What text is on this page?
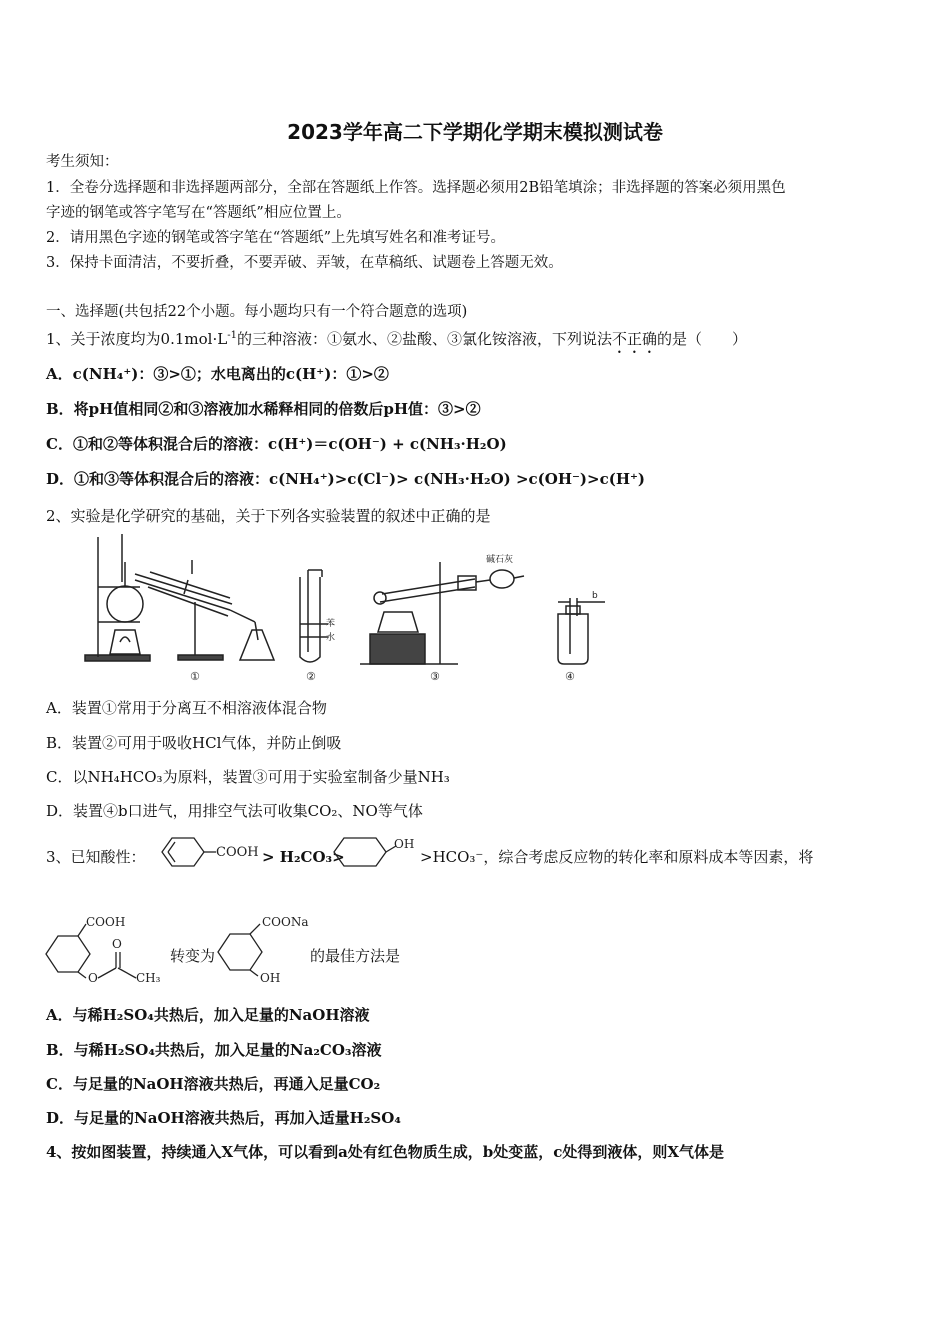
2023学年高二下学期化学期末模拟测试卷
考生须知：
1．全卷分选择题和非选择题两部分，全部在答题纸上作答。选择题必须用2B铅笔填涂；非选择题的答案必须用黑色
字迹的钢笔或答字笔写在“答题纸”相应位置上。
2．请用黑色字迹的钢笔或答字笔在“答题纸”上先填写姓名和准考证号。
3．保持卡面清洁，不要折叠，不要弄破、弄皱，在草稿纸、试题卷上答题无效。
一、选择题(共包括22个小题。每小题均只有一个符合题意的选项)
1、关于浓度均为$0.1mol\cdot L^{-1}$的三种溶液：①氨水、②盐酸、③氯化铵溶液，下列说法不正确的是（　　）
A．c(NH₄⁺)：③>①；水电离出的c(H⁺)：①>②
B．将pH值相同②和③溶液加水稀释相同的倍数后pH值：③>②
C．①和②等体积混合后的溶液：c(H⁺)＝c(OH⁻) + c(NH₃·H₂O)
D．①和③等体积混合后的溶液：c(NH₄⁺)>c(Cl⁻)> c(NH₃·H₂O) >c(OH⁻)>c(H⁺)
2、实验是化学研究的基础，关于下列各实验装置的叙述中正确的是
①	②	③	④
苯
水
碱石灰
b
A．装置①常用于分离互不相溶液体混合物
B．装置②可用于吸收HCl气体，并防止倒吸
C．以NH₄HCO₃为原料，装置③可用于实验室制备少量NH₃
D．装置④b口进气，用排空气法可收集CO₂、NO等气体
3、已知酸性：	COOH > H₂CO₃>
OH
>HCO₃⁻，综合考虑反应物的转化率和原料成本等因素，将
COOH
O
O
CH₃
转变为
COONa
OH
的最佳方法是
A．与稀H₂SO₄共热后，加入足量的NaOH溶液
B．与稀H₂SO₄共热后，加入足量的Na₂CO₃溶液
C．与足量的NaOH溶液共热后，再通入足量CO₂
D．与足量的NaOH溶液共热后，再加入适量H₂SO₄
4、按如图装置，持续通入X气体，可以看到a处有红色物质生成，b处变蓝，c处得到液体，则X气体是
